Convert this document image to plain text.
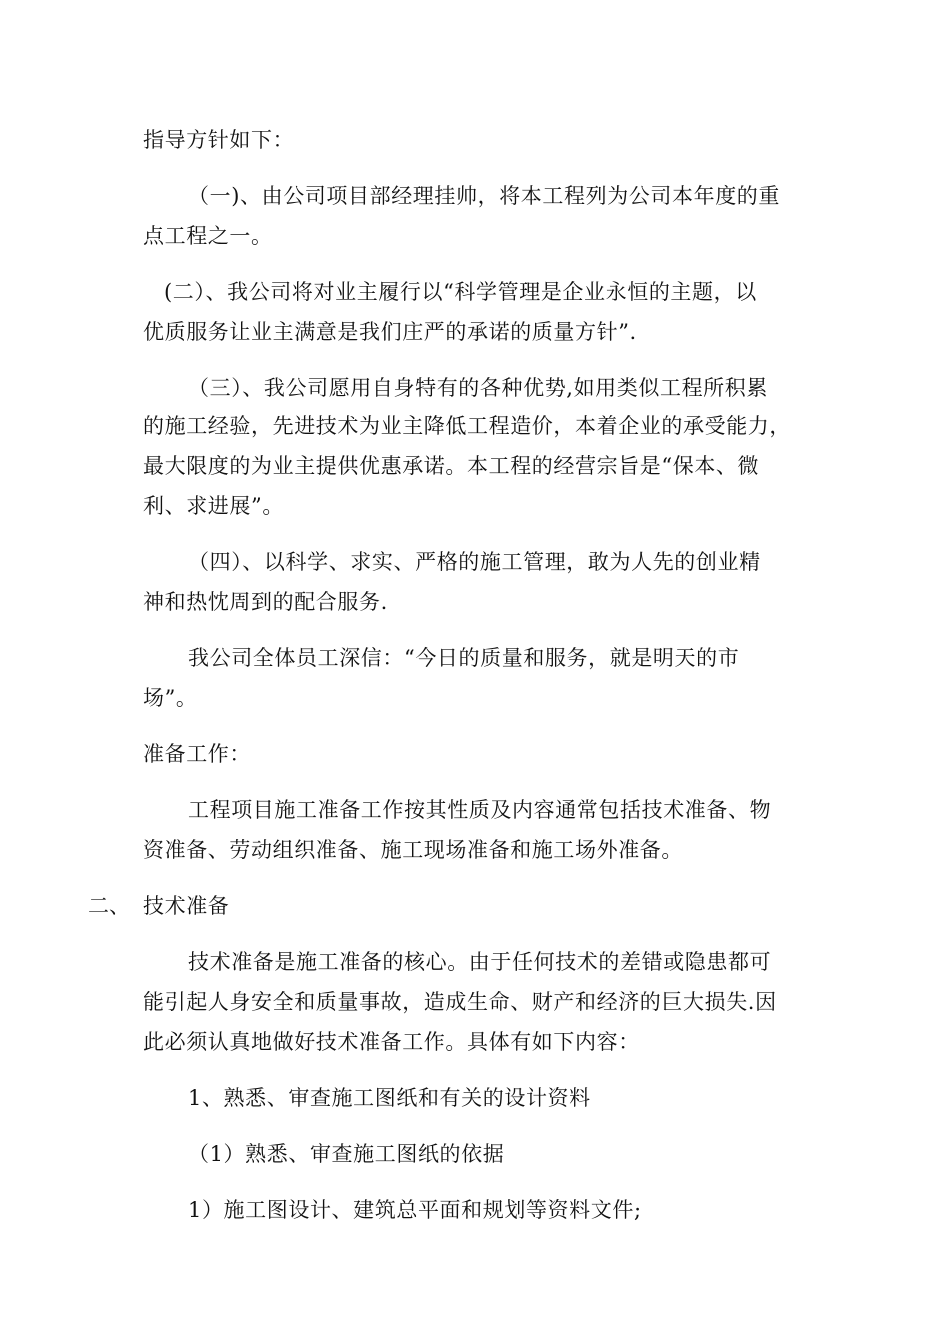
指导方针如下：
（一)、由公司项目部经理挂帅，将本工程列为公司本年度的重
点工程之一。
(二）、我公司将对业主履行以“科学管理是企业永恒的主题，以
优质服务让业主满意是我们庄严的承诺的质量方针”.
（三）、我公司愿用自身特有的各种优势,如用类似工程所积累
的施工经验，先进技术为业主降低工程造价，本着企业的承受能力，
最大限度的为业主提供优惠承诺。本工程的经营宗旨是“保本、微
利、求进展”。
（四）、以科学、求实、严格的施工管理，敢为人先的创业精
神和热忱周到的配合服务.
我公司全体员工深信：“今日的质量和服务，就是明天的市
场”。
准备工作：
工程项目施工准备工作按其性质及内容通常包括技术准备、物
资准备、劳动组织准备、施工现场准备和施工场外准备。
二、 技术准备
技术准备是施工准备的核心。由于任何技术的差错或隐患都可
能引起人身安全和质量事故，造成生命、财产和经济的巨大损失.因
此必须认真地做好技术准备工作。具体有如下内容：
1、熟悉、审查施工图纸和有关的设计资料
（1）熟悉、审查施工图纸的依据
1）施工图设计、建筑总平面和规划等资料文件;
